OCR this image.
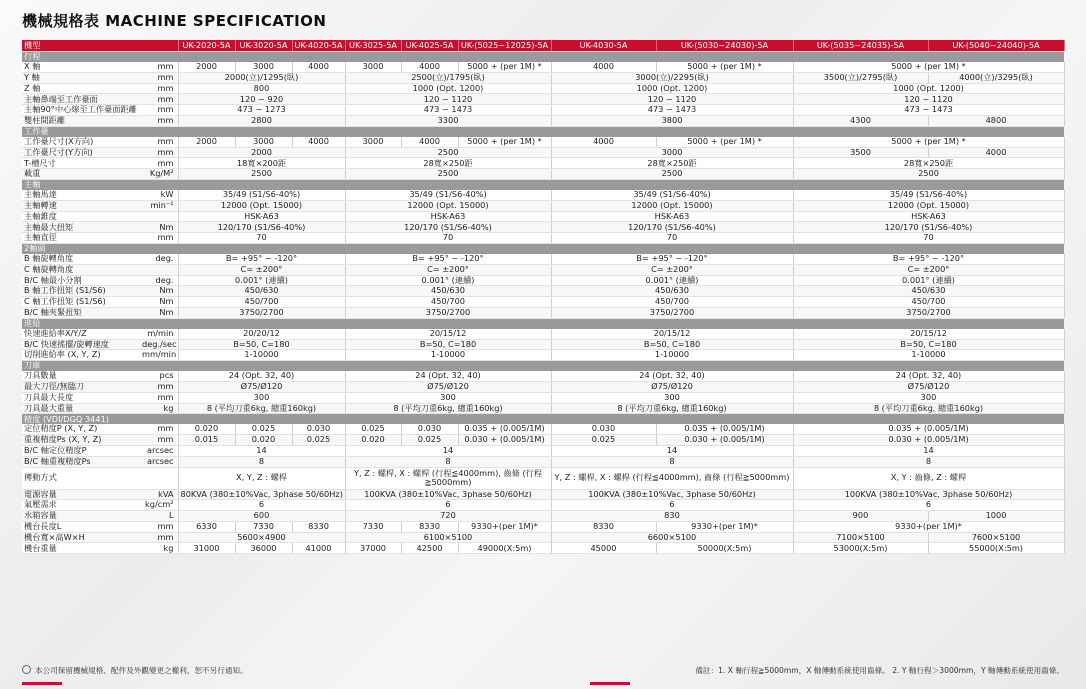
機械規格表 MACHINE SPECIFICATION
機型		UK-2020-5A	UK-3020-5A	UK-4020-5A	UK-3025-5A	UK-4025-5A	UK-(5025~12025)-5A	UK-4030-5A	UK-(5030~24030)-5A	UK-(5035~24035)-5A	UK-(5040~24040)-5A
行程											
X 軸	mm	2000	3000	4000	3000	4000	5000 + (per 1M) *	4000	5000 + (per 1M) *	5000 + (per 1M) *	
Y 軸	mm	2000(立)/1295(臥)			2500(立)/1795(臥)			3000(立)/2295(臥)		3500(立)/2795(臥)	4000(立)/3295(臥)
Z 軸	mm	800			1000 (Opt. 1200)			1000 (Opt. 1200)		1000 (Opt. 1200)	
主軸鼻端至工作臺面	mm	120 ~ 920			120 ~ 1120			120 ~ 1120		120 ~ 1120	
主軸90°中心線至工作臺面距離	mm	473 ~ 1273			473 ~ 1473			473 ~ 1473		473 ~ 1473	
雙柱間距離	mm	2800			3300			3800		4300	4800
工作臺											
工作臺尺寸(X方向)	mm	2000	3000	4000	3000	4000	5000 + (per 1M) *	4000	5000 + (per 1M) *	5000 + (per 1M) *	
工作臺尺寸(Y方向)	mm	2000			2500			3000		3500	4000
T-槽尺寸	mm	18寬×200距			28寬×250距			28寬×250距		28寬×250距	
載重	Kg/M²	2500			2500			2500		2500	
主軸											
主軸馬達	kW	35/49 (S1/S6-40%)			35/49 (S1/S6-40%)			35/49 (S1/S6-40%)		35/49 (S1/S6-40%)	
主軸轉速	min⁻¹	12000 (Opt. 15000)			12000 (Opt. 15000)			12000 (Opt. 15000)		12000 (Opt. 15000)	
主軸錐度		HSK-A63			HSK-A63			HSK-A63		HSK-A63	
主軸最大扭矩	Nm	120/170 (S1/S6-40%)			120/170 (S1/S6-40%)			120/170 (S1/S6-40%)		120/170 (S1/S6-40%)	
主軸直徑	mm	70			70			70		70	
2軸頭											
B 軸旋轉角度	deg.	B= +95° ~ -120°			B= +95° ~ -120°			B= +95° ~ -120°		B= +95° ~ -120°	
C 軸旋轉角度		C= ±200°			C= ±200°			C= ±200°		C= ±200°	
B/C 軸最小分割	deg.	0.001° (連續)			0.001° (連續)			0.001° (連續)		0.001° (連續)	
B 軸工作扭矩 (S1/S6)	Nm	450/630			450/630			450/630		450/630	
C 軸工作扭矩 (S1/S6)	Nm	450/700			450/700			450/700		450/700	
B/C 軸夾緊扭矩	Nm	3750/2700			3750/2700			3750/2700		3750/2700	
進給											
快速進給率X/Y/Z	m/min	20/20/12			20/15/12			20/15/12		20/15/12	
B/C 快速搖擺/旋轉速度	deg./sec	B=50, C=180			B=50, C=180			B=50, C=180		B=50, C=180	
切削進給率 (X, Y, Z)	mm/min	1-10000			1-10000			1-10000		1-10000	
刀庫											
刀具數量	pcs	24 (Opt. 32, 40)			24 (Opt. 32, 40)			24 (Opt. 32, 40)		24 (Opt. 32, 40)	
最大刀徑/無臨刀	mm	Ø75/Ø120			Ø75/Ø120			Ø75/Ø120		Ø75/Ø120	
刀具最大長度	mm	300			300			300		300	
刀具最大重量	kg	8 (平均刀重6kg, 總重160kg)			8 (平均刀重6kg, 總重160kg)			8 (平均刀重6kg, 總重160kg)		8 (平均刀重6kg, 總重160kg)	
精度 (VDI/DGQ 3441)											
定位精度P (X, Y, Z)	mm	0.020	0.025	0.030	0.025	0.030	0.035 + (0.005/1M)	0.030	0.035 + (0.005/1M)	0.035 + (0.005/1M)	
重複精度Ps (X, Y, Z)	mm	0.015	0.020	0.025	0.020	0.025	0.030 + (0.005/1M)	0.025	0.030 + (0.005/1M)	0.030 + (0.005/1M)	
B/C 軸定位精度P	arcsec	14			14			14		14	
B/C 軸重複精度Ps	arcsec	8			8			8		8	
傳動方式		X, Y, Z : 螺桿			Y, Z : 螺桿, X : 螺桿 (行程≦4000mm), 齒條 (行程≧5000mm)			Y, Z : 螺桿, X : 螺桿 (行程≦4000mm), 齒條 (行程≧5000mm)		X, Y : 齒條, Z : 螺桿	
電源容量	kVA	80KVA (380±10%Vac, 3phase 50/60Hz)			100KVA (380±10%Vac, 3phase 50/60Hz)			100KVA (380±10%Vac, 3phase 50/60Hz)		100KVA (380±10%Vac, 3phase 50/60Hz)	
氣壓需求	kg/cm²	6			6			6		6	
水箱容量	L	600			720			830		900	1000
機台長度L	mm	6330	7330	8330	7330	8330	9330+(per 1M)*	8330	9330+(per 1M)*	9330+(per 1M)*	
機台寬×高W×H	mm	5600×4900			6100×5100			6600×5100		7100×5100	7600×5100
機台重量	kg	31000	36000	41000	37000	42500	49000(X:5m)	45000	50000(X:5m)	53000(X:5m)	55000(X:5m)
本公司保留機械規格、配件及外觀變更之權利，恕不另行通知。	備註：1. X 軸行程≧5000mm，X 軸傳動系統使用齒條。 2. Y 軸行程＞3000mm，Y 軸傳動系統使用齒條。
